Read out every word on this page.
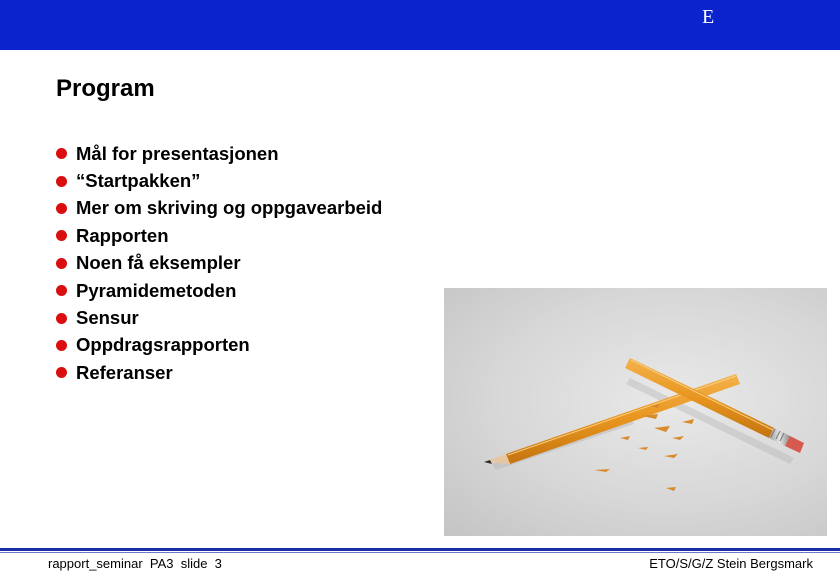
E
Program
Mål for presentasjonen
“Startpakken”
Mer om skriving og oppgavearbeid
Rapporten
Noen få eksempler
Pyramidemetoden
Sensur
Oppdragsrapporten
Referanser
rapport_seminar  PA3  slide  3	ETO/S/G/Z Stein Bergsmark
